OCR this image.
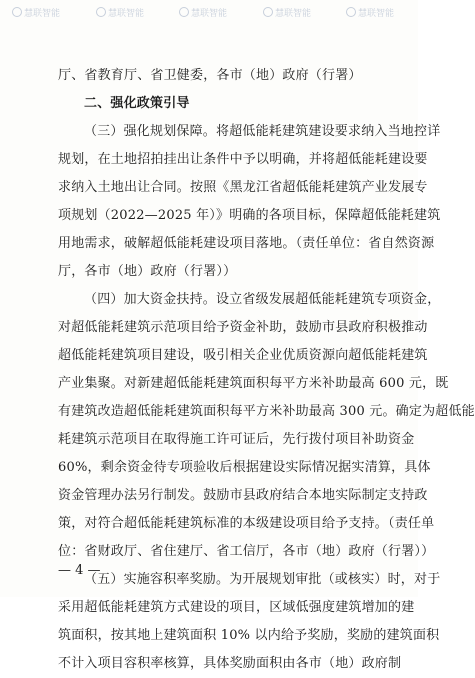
慧联智能	慧联智能	慧联智能	慧联智能	慧联智能
厅、省教育厅、省卫健委，各市（地）政府（行署）
二、强化政策引导
（三）强化规划保障。将超低能耗建筑建设要求纳入当地控详
规划，在土地招拍挂出让条件中予以明确，并将超低能耗建设要
求纳入土地出让合同。按照《黑龙江省超低能耗建筑产业发展专
项规划（2022—2025 年）》明确的各项目标，保障超低能耗建筑
用地需求，破解超低能耗建设项目落地。（责任单位：省自然资源
厅，各市（地）政府（行署））
（四）加大资金扶持。设立省级发展超低能耗建筑专项资金，
对超低能耗建筑示范项目给予资金补助，鼓励市县政府积极推动
超低能耗建筑项目建设，吸引相关企业优质资源向超低能耗建筑
产业集聚。对新建超低能耗建筑面积每平方米补助最高 600 元，既
有建筑改造超低能耗建筑面积每平方米补助最高 300 元。确定为超低能
耗建筑示范项目在取得施工许可证后，先行拨付项目补助资金
60%，剩余资金待专项验收后根据建设实际情况据实清算，具体
资金管理办法另行制发。鼓励市县政府结合本地实际制定支持政
策，对符合超低能耗建筑标准的本级建设项目给予支持。（责任单
位：省财政厅、省住建厅、省工信厅，各市（地）政府（行署））
（五）实施容积率奖励。为开展规划审批（或核实）时，对于
采用超低能耗建筑方式建设的项目，区域低强度建筑增加的建
筑面积，按其地上建筑面积 10% 以内给予奖励，奖励的建筑面积
不计入项目容积率核算，具体奖励面积由各市（地）政府制
— 4 —
